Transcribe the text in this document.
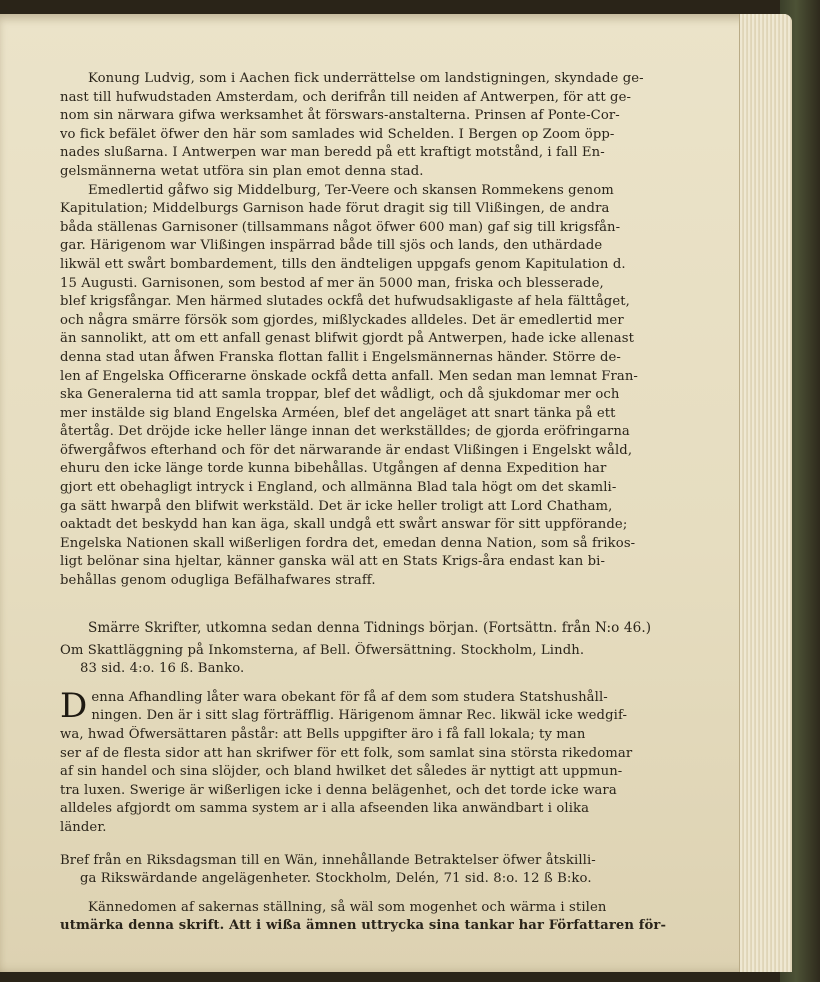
Konung Ludvig, som i Aachen fick underrättelse om landstigningen, skyndade ge-
nast till hufwudstaden Amsterdam, och derifrån till neiden af Antwerpen, för att ge-
nom sin närwara gifwa werksamhet åt förswars-anstalterna. Prinsen af Ponte-Cor-
vo fick befälet öfwer den här som samlades wid Schelden. I Bergen op Zoom öpp-
nades slußarna. I Antwerpen war man beredd på ett kraftigt motstånd, i fall En-
gelsmännerna wetat utföra sin plan emot denna stad.

Emedlertid gåfwo sig Middelburg, Ter-Veere och skansen Rommekens genom
Kapitulation; Middelburgs Garnison hade förut dragit sig till Vlißingen, de andra
båda ställenas Garnisoner (tillsammans något öfwer 600 man) gaf sig till krigsfån-
gar. Härigenom war Vlißingen inspärrad både till sjös och lands, den uthärdade
likwäl ett swårt bombardement, tills den ändteligen uppgafs genom Kapitulation d.
15 Augusti. Garnisonen, som bestod af mer än 5000 man, friska och blesserade,
blef krigsfångar. Men härmed slutades ockfå det hufwudsakligaste af hela fälttåget,
och några smärre försök som gjordes, mißlyckades alldeles. Det är emedlertid mer
än sannolikt, att om ett anfall genast blifwit gjordt på Antwerpen, hade icke allenast
denna stad utan åfwen Franska flottan fallit i Engelsmännernas händer. Större de-
len af Engelska Officerarne önskade ockfå detta anfall. Men sedan man lemnat Fran-
ska Generalerna tid att samla troppar, blef det wådligt, och då sjukdomar mer och
mer instälde sig bland Engelska Arméen, blef det angeläget att snart tänka på ett
återtåg. Det dröjde icke heller länge innan det werkställdes; de gjorda eröfringarna
öfwergåfwos efterhand och för det närwarande är endast Vlißingen i Engelskt wåld,
ehuru den icke länge torde kunna bibehållas. Utgången af denna Expedition har
gjort ett obehagligt intryck i England, och allmänna Blad tala högt om det skamli-
ga sätt hwarpå den blifwit werkstäld. Det är icke heller troligt att Lord Chatham,
oaktadt det beskydd han kan äga, skall undgå ett swårt answar för sitt uppförande;
Engelska Nationen skall wißerligen fordra det, emedan denna Nation, som så frikos-
ligt belönar sina hjeltar, känner ganska wäl att en Stats Krigs-åra endast kan bi-
behållas genom odugliga Befälhafwares straff.

Smärre Skrifter, utkomna sedan denna Tidnings början. (Fortsättn. från N:o 46.)

Om Skattläggning på Inkomsterna, af Bell. Öfwersättning. Stockholm, Lindh.
83 sid. 4:o. 16 ß. Banko.

D enna Afhandling låter wara obekant för få af dem som studera Statshushåll-
ningen. Den är i sitt slag förträfflig. Härigenom ämnar Rec. likwäl icke wedgif-
wa, hwad Öfwersättaren påstår: att Bells uppgifter äro i få fall lokala; ty man
ser af de flesta sidor att han skrifwer för ett folk, som samlat sina största rikedomar
af sin handel och sina slöjder, och bland hwilket det således är nyttigt att uppmun-
tra luxen. Swerige är wißerligen icke i denna belägenhet, och det torde icke wara
alldeles afgjordt om samma system ar i alla afseenden lika anwändbart i olika
länder.

Bref från en Riksdagsman till en Wän, innehållande Betraktelser öfwer åtskilli-
ga Rikswärdande angelägenheter. Stockholm, Delén, 71 sid. 8:o. 12 ß B:ko.

Kännedomen af sakernas ställning, så wäl som mogenhet och wärma i stilen
utmärka denna skrift. Att i wißa ämnen uttrycka sina tankar har Författaren för-
